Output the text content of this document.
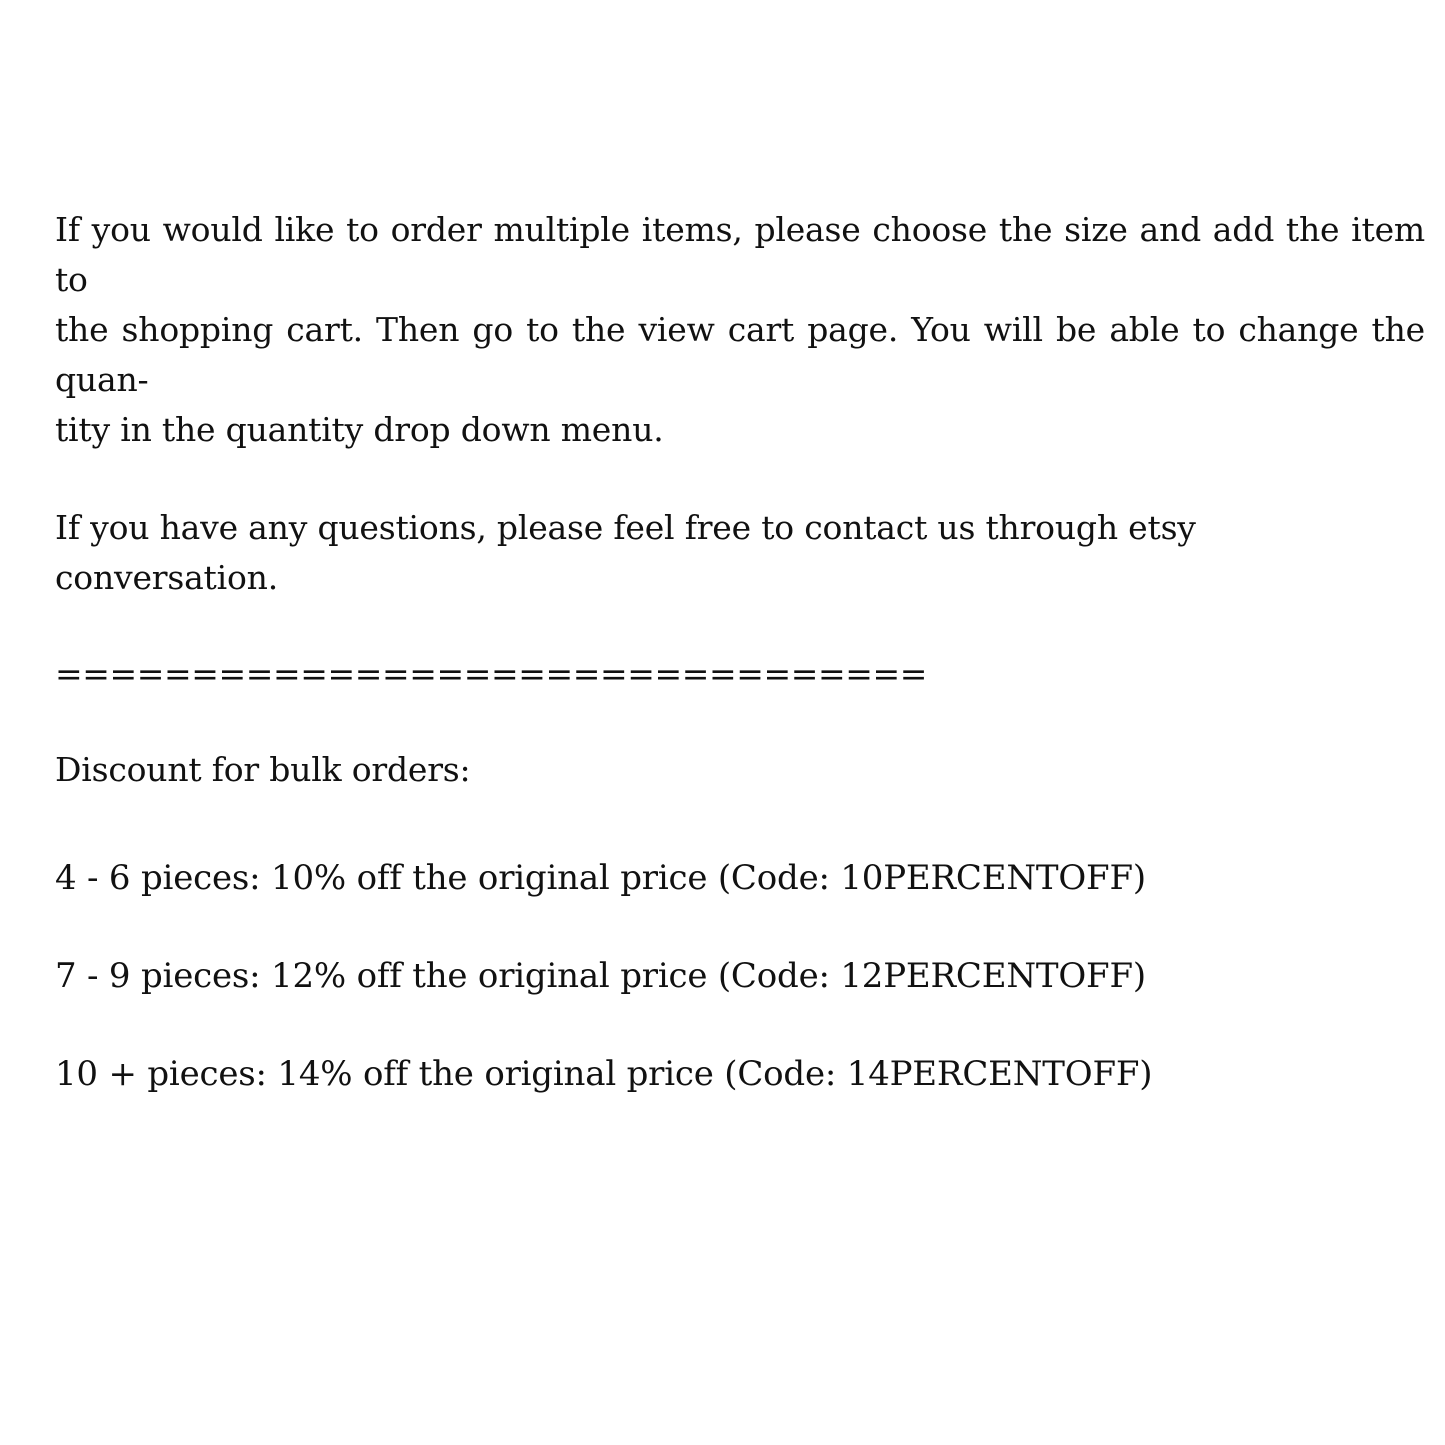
If you would like to order multiple items, please choose the size and add the item to
the shopping cart. Then go to the view cart page. You will be able to change the quan-
tity in the quantity drop down menu.

If you have any questions, please feel free to contact us through etsy conversation.

================================

Discount for bulk orders:

4 - 6 pieces: 10% off the original price (Code: 10PERCENTOFF)
7 - 9 pieces: 12% off the original price (Code: 12PERCENTOFF)
10 + pieces: 14% off the original price (Code: 14PERCENTOFF)
